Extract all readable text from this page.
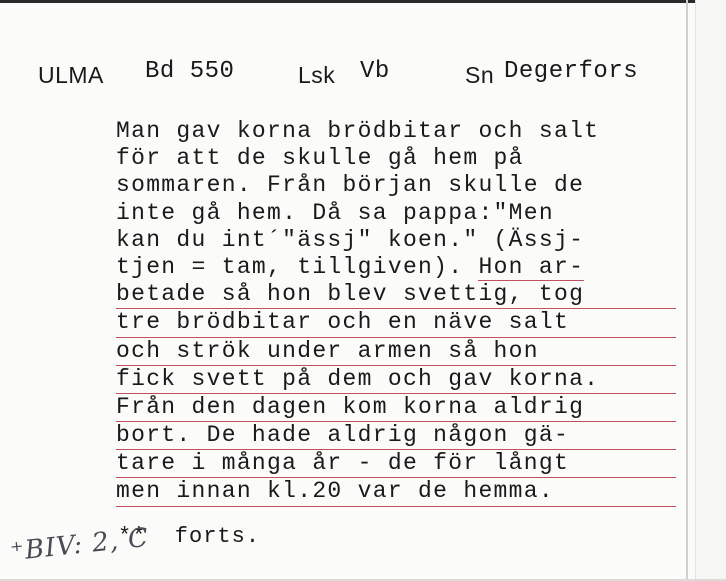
ULMA Bd 550	Lsk Vb	Sn Degerfors
Man gav korna brödbitar och salt
för att de skulle gå hem på
sommaren. Från början skulle de
inte gå hem. Då sa pappa:"Men
kan du int´"ässj" koen." (Ässj-
tjen = tam, tillgiven). Hon ar-
betade så hon blev svettig, tog
tre brödbitar och en näve salt
och strök under armen så hon
fick svett på dem och gav korna.
Från den dagen kom korna aldrig
bort. De hade aldrig någon gä-
tare i många år - de för långt
men innan kl.20 var de hemma.
**  forts.
⁺BIV: 2, C
